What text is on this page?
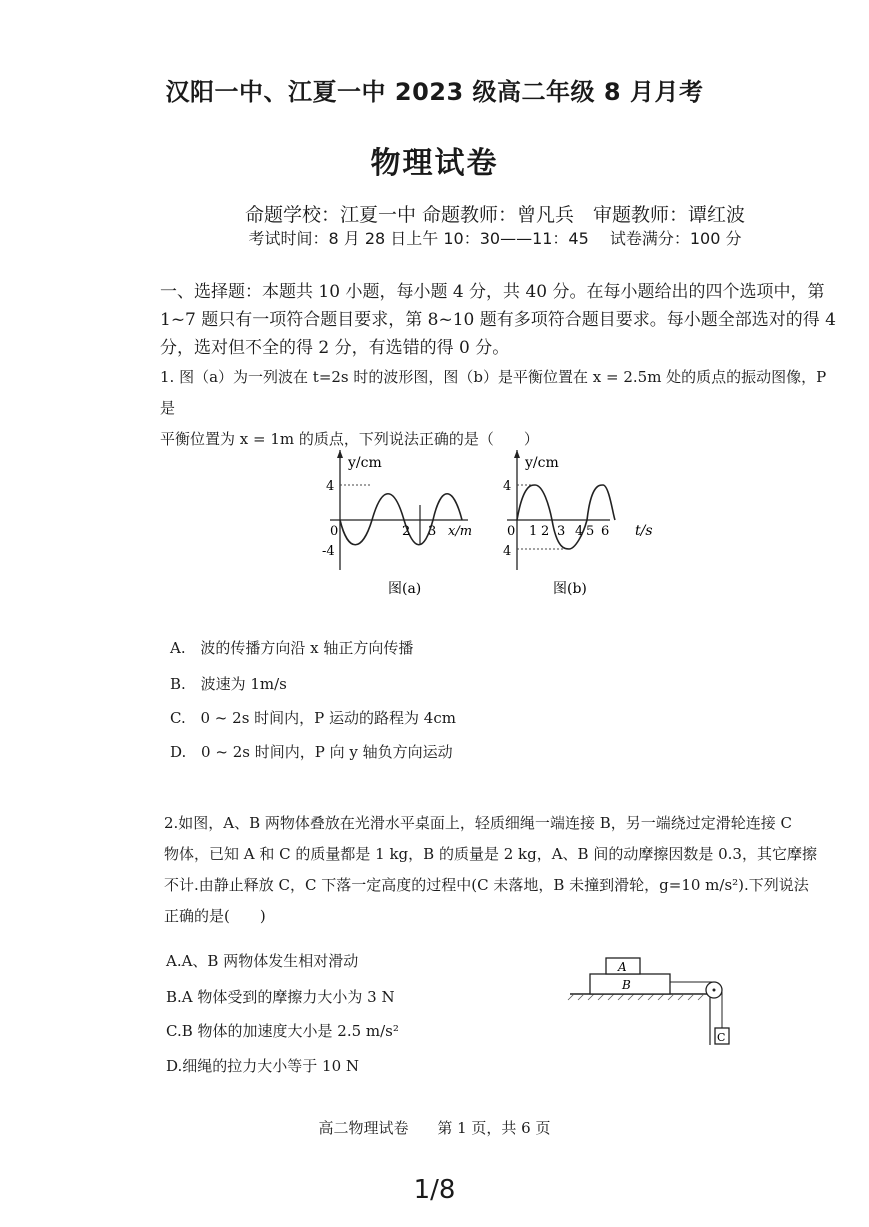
汉阳一中、江夏一中 2023 级高二年级 8 月月考
物理试卷
命题学校：江夏一中 命题教师：曾凡兵　审题教师：谭红波
考试时间：8 月 28 日上午 10：30——11：45　 试卷满分：100 分
一、选择题：本题共 10 小题，每小题 4 分，共 40 分。在每小题给出的四个选项中，第 1~7 题只有一项符合题目要求，第 8~10 题有多项符合题目要求。每小题全部选对的得 4 分，选对但不全的得 2 分，有选错的得 0 分。
1. 图（a）为一列波在 t=2s 时的波形图，图（b）是平衡位置在 x = 2.5m 处的质点的振动图像，P 是
平衡位置为 x = 1m 的质点，下列说法正确的是（　　）
y/cm
4
-4
0	2 3 x/m
图(a)
y/cm
4
4
0 1 2 3 4 5 6 t/s
图(b)
A. 波的传播方向沿 x 轴正方向传播
B. 波速为 1m/s
C. 0 ~ 2s 时间内，P 运动的路程为 4cm
D. 0 ~ 2s 时间内，P 向 y 轴负方向运动
2.如图，A、B 两物体叠放在光滑水平桌面上，轻质细绳一端连接 B，另一端绕过定滑轮连接 C
物体，已知 A 和 C 的质量都是 1 kg，B 的质量是 2 kg，A、B 间的动摩擦因数是 0.3，其它摩擦
不计.由静止释放 C，C 下落一定高度的过程中(C 未落地，B 未撞到滑轮，g=10 m/s²).下列说法
正确的是(　　)
A.A、B 两物体发生相对滑动
B.A 物体受到的摩擦力大小为 3 N
C.B 物体的加速度大小是 2.5 m/s²
D.细绳的拉力大小等于 10 N
B
A
C
高二物理试卷 第 1 页，共 6 页
1/8
